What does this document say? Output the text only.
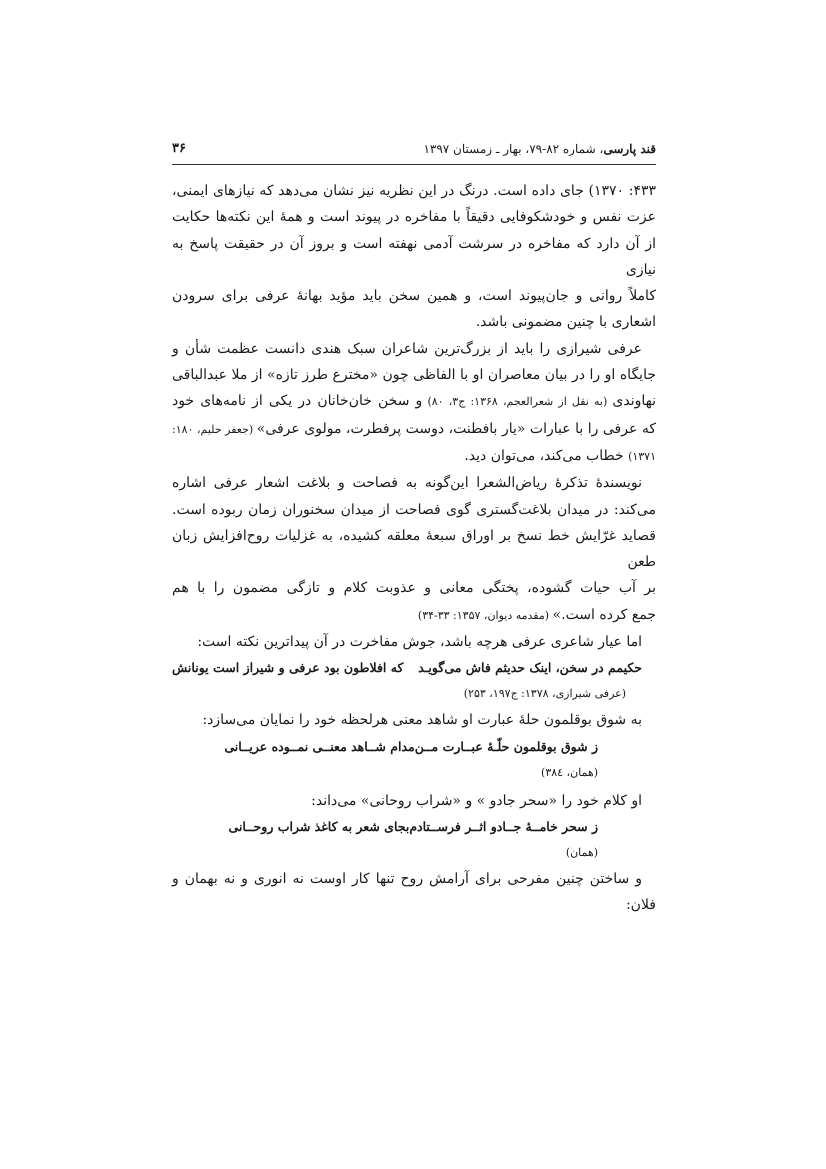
قند پارسی، شماره ۸۲-۷۹، بهار ـ زمستان ۱۳۹۷
۳۶

۴۳۳: ۱۳۷۰) جای داده است. درنگ در این نظریه نیز نشان می‌دهد که نیازهای ایمنی،

عزت نفس و خودشکوفایی دقیقاً با مفاخره در پیوند است و همهٔ این نکته‌ها حکایت

از آن دارد که مفاخره در سرشت آدمی نهفته است و بروز آن در حقیقت پاسخ به نیازی

کاملاً روانی و جان‌پیوند است، و همین سخن باید مؤید بهانهٔ عرفی برای سرودن

اشعاری با چنین مضمونی باشد.

عرفی شیرازی را باید از بزرگ‌ترین شاعران سبک هندی دانست عظمت شأن و

جایگاه او را در بیان معاصران او با الفاظی چون «مخترع طرز تازه» از ملا عبدالباقی

نهاوندی (به نقل از شعرالعجم، ۱۳۶۸: ج۳، ۸۰) و سخن خان‌خانان در یکی از نامه‌های خود

که عرفی را با عبارات «یار بافطنت، دوست پرفطرت، مولوی عرفی» (جعفر حلیم، ۱۸۰:

۱۳۷۱) خطاب می‌کند، می‌توان دید.

نویسندهٔ تذکرهٔ ریاض‌الشعرا این‌گونه به فصاحت و بلاغت اشعار عرفی اشاره

می‌کند: در میدان بلاغت‌گستری گوی فصاحت از میدان سخنوران زمان ربوده است.

قصاید غرّایش خط نسخ بر اوراق سبعهٔ معلقه کشیده، به غزلیات روح‌افزایش زبان طعن

بر آب حیات گشوده، پختگی معانی و عذوبت کلام و تازگی مضمون را با هم

جمع کرده است.» (مقدمه دیوان، ۱۳۵۷: ۳۳-۳۴)

اما عیار شاعری عرفی هرچه باشد، جوش مفاخرت در آن پیداترین نکته است:

حکیمم در سخن، اینک حدیثم فاش می‌گویـد
که افلاطون بود عرفی و شیراز است یونانش
(عرفی شیرازی، ۱۳۷۸: ج۱۹۷، ۲۵۳)

به شوق بوقلمون حلهٔ عبارت او شاهد معنی هرلحظه خود را نمایان می‌سازد:

ز شوق بوقلمون حلّـهٔ عبــارت مــن
مدام شــاهد معنــی نمــوده عریــانی
(همان، ۳۸٤)

او کلام خود را «سحر جادو » و «شراب روحانی» می‌داند:

ز سحر خامــهٔ جــادو اثــر فرســتادم
بجای شعر به کاغذ شراب روحــانی
(همان)

و ساختن چنین مفرحی برای آرامش روح تنها کار اوست نه انوری و نه بهمان و

فلان:
